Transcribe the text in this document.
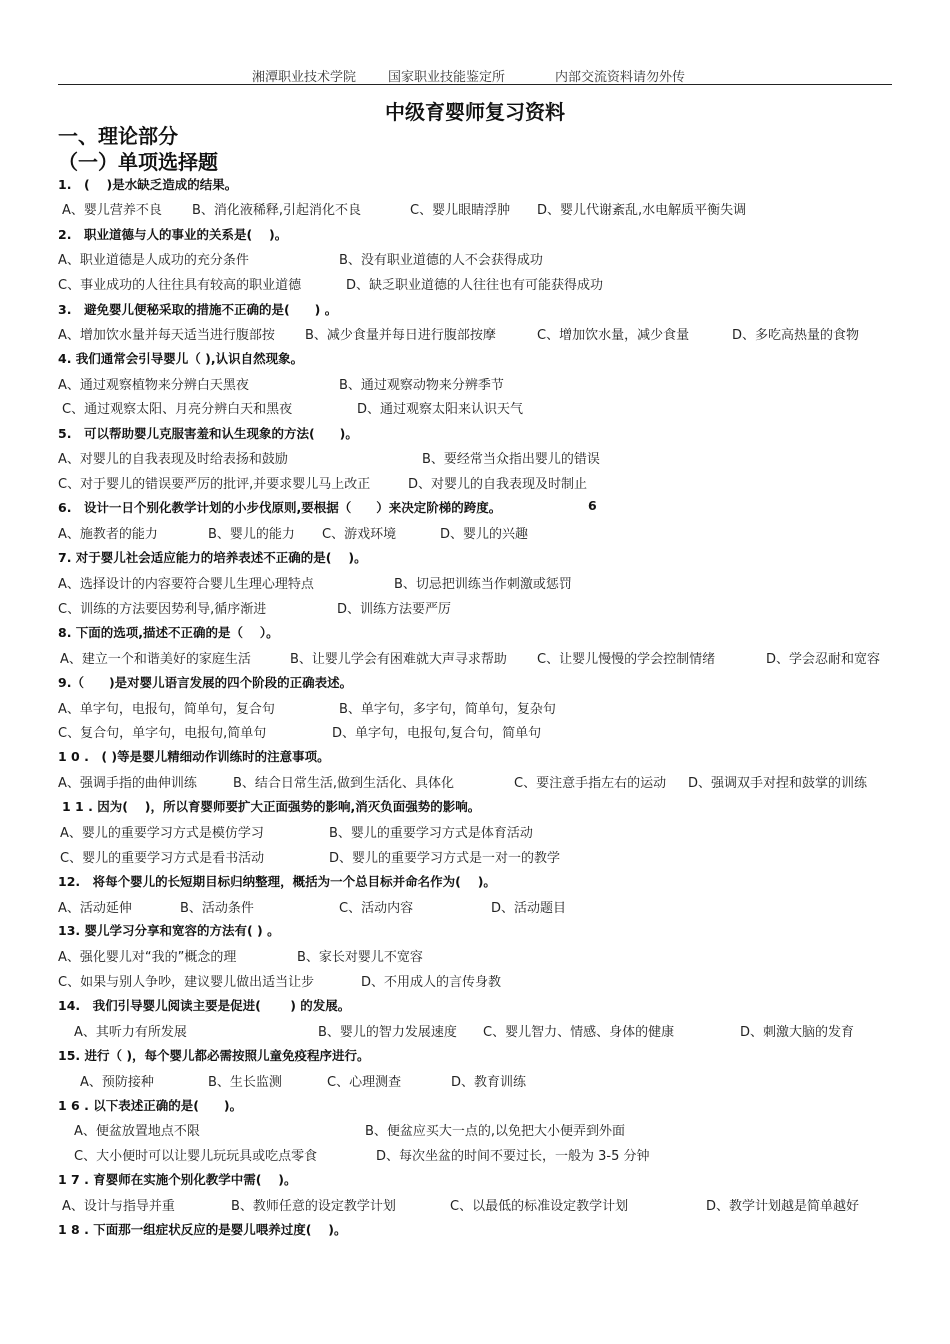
湘潭职业技术学院 国家职业技能鉴定所	内部交流资料请勿外传
中级育婴师复习资料
一、理论部分
（一）单项选择题
1.　(　 )是水缺乏造成的结果。
A、婴儿营养不良 B、消化液稀释,引起消化不良	C、婴儿眼睛浮肿 D、婴儿代谢紊乱,水电解质平衡失调
2.　职业道德与人的事业的关系是(　 )。
A、职业道德是人成功的充分条件	B、没有职业道德的人不会获得成功
C、事业成功的人往往具有较高的职业道德	D、缺乏职业道德的人往往也有可能获得成功
3.　避免婴儿便秘采取的措施不正确的是(　　) 。
A、增加饮水量并每天适当进行腹部按 B、减少食量并每日进行腹部按摩	C、增加饮水量，减少食量	D、多吃高热量的食物
4. 我们通常会引导婴儿（ ),认识自然现象。
A、通过观察植物来分辨白天黑夜	B、通过观察动物来分辨季节
C、通过观察太阳、月亮分辨白天和黑夜	D、通过观察太阳来认识天气
5.　可以帮助婴儿克服害羞和认生现象的方法(　　)。
A、对婴儿的自我表现及时给表扬和鼓励	B、要经常当众指出婴儿的错误
C、对于婴儿的错误要严厉的批评,并要求婴儿马上改正	D、对婴儿的自我表现及时制止
6.　设计一日个别化教学计划的小步伐原则,要根据（　　）来决定阶梯的跨度。	6
A、施教者的能力	B、婴儿的能力 C、游戏环境	D、婴儿的兴趣
7. 对于婴儿社会适应能力的培养表述不正确的是(　 )。
A、选择设计的内容要符合婴儿生理心理特点	B、切忌把训练当作刺激或惩罚
C、训练的方法要因势利导,循序渐进	D、训练方法要严厉
8. 下面的选项,描述不正确的是（　 ）。
A、建立一个和谐美好的家庭生活	B、让婴儿学会有困难就大声寻求帮助 C、让婴儿慢慢的学会控制情绪	D、学会忍耐和宽容
9.（　　)是对婴儿语言发展的四个阶段的正确表述。
A、单字句，电报句，简单句，复合句	B、单字句，多字句，简单句，复杂句
C、复合句，单字句，电报句,简单句	D、单字句，电报句,复合句，简单句
1 0 .　( )等是婴儿精细动作训练时的注意事项。
A、强调手指的曲伸训练	B、结合日常生活,做到生活化、具体化	C、要注意手指左右的运动 D、强调双手对捏和鼓掌的训练
1 1 . 因为(　 )，所以育婴师要扩大正面强势的影响,消灭负面强势的影响。
A、婴儿的重要学习方式是模仿学习	B、婴儿的重要学习方式是体育活动
C、婴儿的重要学习方式是看书活动	D、婴儿的重要学习方式是一对一的教学
12.　将每个婴儿的长短期目标归纳整理，概括为一个总目标并命名作为(　 )。
A、活动延伸	B、活动条件	C、活动内容	D、活动题目
13. 婴儿学习分享和宽容的方法有( ) 。
A、强化婴儿对“我的”概念的理	B、家长对婴儿不宽容
C、如果与别人争吵，建议婴儿做出适当让步	D、不用成人的言传身教
14.　我们引导婴儿阅读主要是促进(　　 ) 的发展。
A、其听力有所发展	B、婴儿的智力发展速度 C、婴儿智力、情感、身体的健康	D、刺激大脑的发育
15. 进行（ )，每个婴儿都必需按照儿童免疫程序进行。
A、预防接种	B、生长监测	C、心理测查	D、教育训练
1 6 . 以下表述正确的是(　　)。
A、便盆放置地点不限	B、便盆应买大一点的,以免把大小便弄到外面
C、大小便时可以让婴儿玩玩具或吃点零食	D、每次坐盆的时间不要过长，一般为 3-5 分钟
1 7 . 育婴师在实施个别化教学中需(　 )。
A、设计与指导并重	B、教师任意的设定教学计划	C、以最低的标准设定教学计划	D、教学计划越是简单越好
1 8 . 下面那一组症状反应的是婴儿喂养过度(　 )。
